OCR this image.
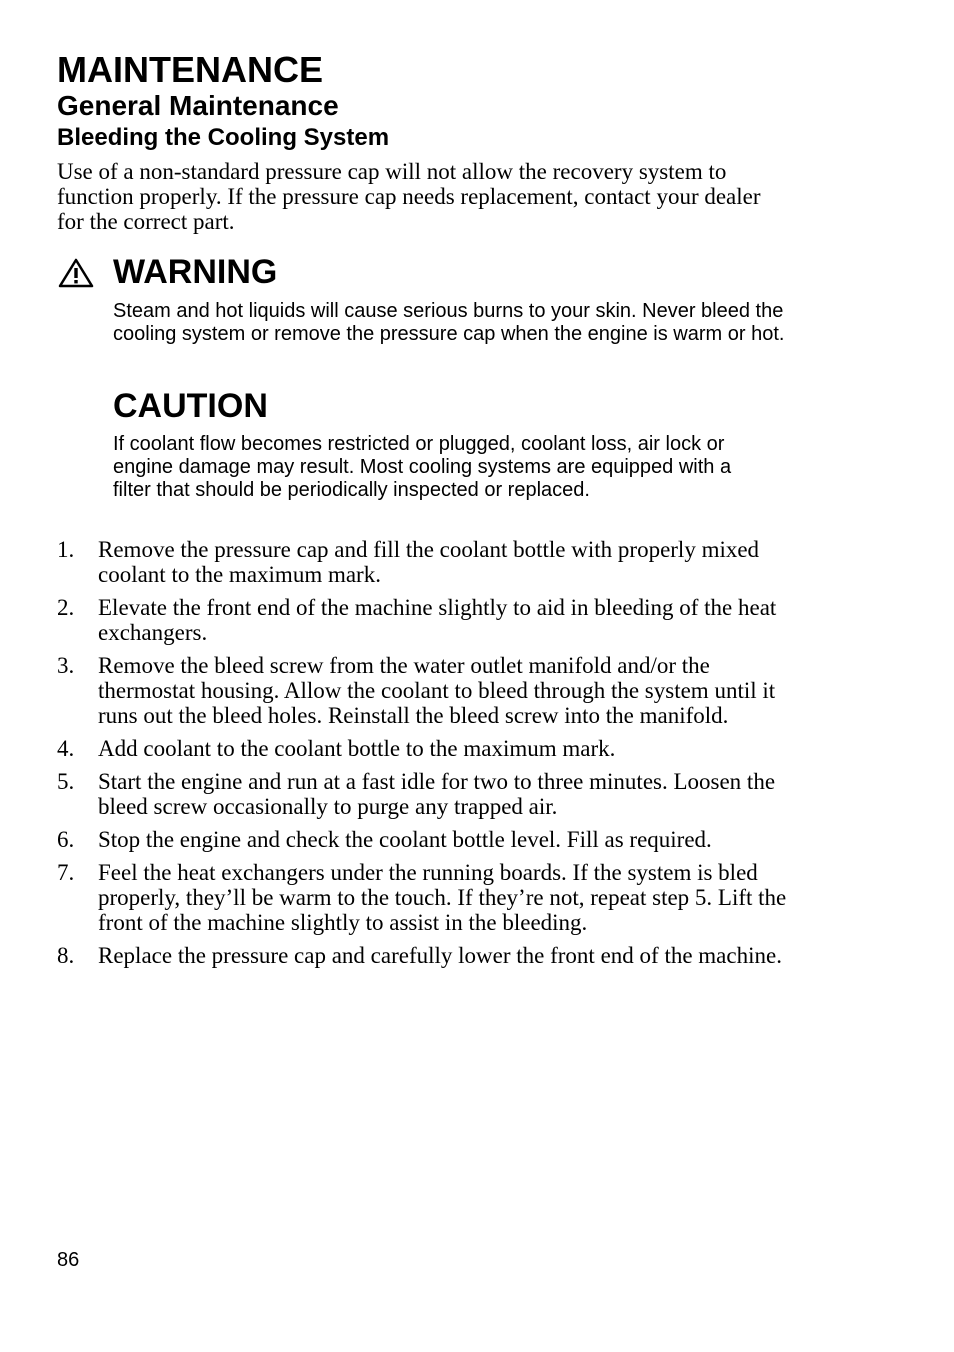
MAINTENANCE
General Maintenance
Bleeding the Cooling System

Use of a non-standard pressure cap will not allow the recovery system to function properly. If the pressure cap needs replacement, contact your dealer for the correct part.

WARNING

Steam and hot liquids will cause serious burns to your skin. Never bleed the cooling system or remove the pressure cap when the engine is warm or hot.

CAUTION

If coolant flow becomes restricted or plugged, coolant loss, air lock or engine damage may result. Most cooling systems are equipped with a filter that should be periodically inspected or replaced.

1.	Remove the pressure cap and fill the coolant bottle with properly mixed coolant to the maximum mark.
2.	Elevate the front end of the machine slightly to aid in bleeding of the heat exchangers.
3.	Remove the bleed screw from the water outlet manifold and/or the thermostat housing. Allow the coolant to bleed through the system until it runs out the bleed holes. Reinstall the bleed screw into the manifold.
4.	Add coolant to the coolant bottle to the maximum mark.
5.	Start the engine and run at a fast idle for two to three minutes. Loosen the bleed screw occasionally to purge any trapped air.
6.	Stop the engine and check the coolant bottle level. Fill as required.
7.	Feel the heat exchangers under the running boards. If the system is bled properly, they’ll be warm to the touch. If they’re not, repeat step 5. Lift the front of the machine slightly to assist in the bleeding.
8.	Replace the pressure cap and carefully lower the front end of the machine.

86
